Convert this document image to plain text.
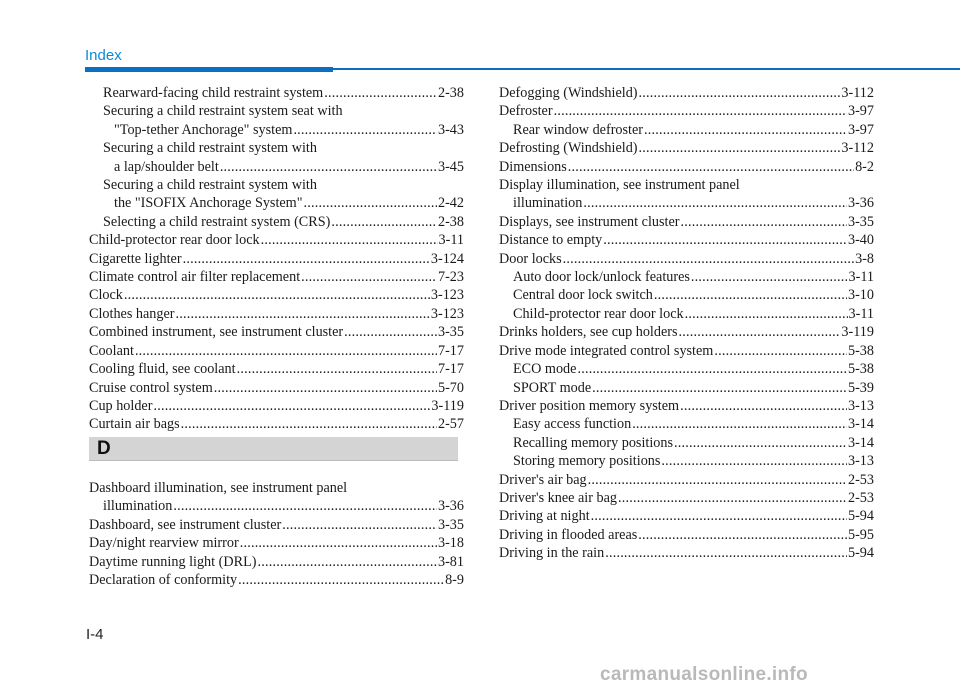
Index
Rearward-facing child restraint system .....	2-38
Securing a child restraint system seat with
"Top-tether Anchorage" system .....	3-43
Securing a child restraint system with
a lap/shoulder belt .....	3-45
Securing a child restraint system with
the "ISOFIX Anchorage System" .....	2-42
Selecting a child restraint system (CRS) .....	2-38
Child-protector rear door lock .....	3-11
Cigarette lighter .....	3-124
Climate control air filter replacement .....	7-23
Clock .....	3-123
Clothes hanger .....	3-123
Combined instrument, see instrument cluster .....	3-35
Coolant .....	7-17
Cooling fluid, see coolant .....	7-17
Cruise control system .....	5-70
Cup holder .....	3-119
Curtain air bags .....	2-57
D
Dashboard illumination, see instrument panel
illumination .....	3-36
Dashboard, see instrument cluster .....	3-35
Day/night rearview mirror .....	3-18
Daytime running light (DRL) .....	3-81
Declaration of conformity .....	8-9
Defogging (Windshield) .....	3-112
Defroster .....	3-97
Rear window defroster .....	3-97
Defrosting (Windshield) .....	3-112
Dimensions .....	8-2
Display illumination, see instrument panel
illumination .....	3-36
Displays, see instrument cluster .....	3-35
Distance to empty .....	3-40
Door locks .....	3-8
Auto door lock/unlock features .....	3-11
Central door lock switch .....	3-10
Child-protector rear door lock .....	3-11
Drinks holders, see cup holders .....	3-119
Drive mode integrated control system .....	5-38
ECO mode .....	5-38
SPORT mode .....	5-39
Driver position memory system .....	3-13
Easy access function .....	3-14
Recalling memory positions .....	3-14
Storing memory positions .....	3-13
Driver's air bag .....	2-53
Driver's knee air bag .....	2-53
Driving at night .....	5-94
Driving in flooded areas .....	5-95
Driving in the rain .....	5-94
I-4
carmanualsonline.info
